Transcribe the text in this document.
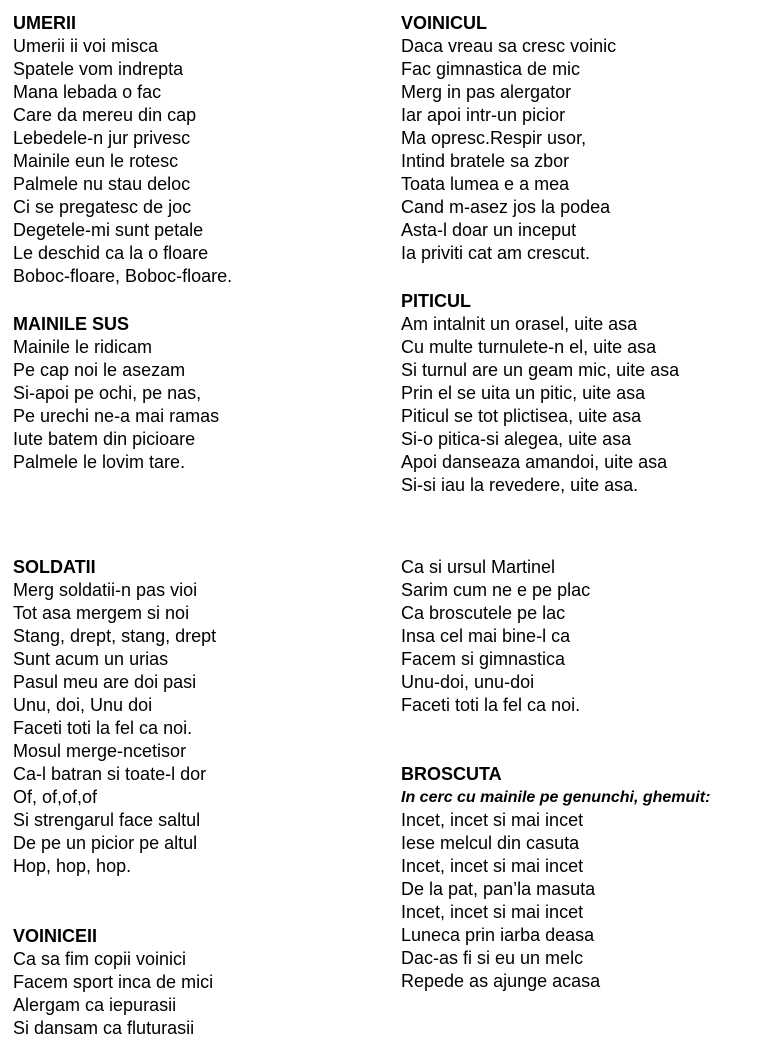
UMERII
Umerii ii voi misca
Spatele vom indrepta
Mana lebada o fac
Care da mereu din cap
Lebedele-n jur privesc
Mainile eun le rotesc
Palmele nu stau deloc
Ci se pregatesc de joc
Degetele-mi sunt petale
Le deschid ca la o floare
Boboc-floare, Boboc-floare.
MAINILE SUS
Mainile le ridicam
Pe cap noi le asezam
Si-apoi pe ochi, pe nas,
Pe urechi ne-a mai ramas
Iute batem din picioare
Palmele le lovim tare.
SOLDATII
Merg soldatii-n pas vioi
Tot asa mergem si noi
Stang, drept, stang, drept
Sunt acum un urias
Pasul meu are doi pasi
Unu, doi, Unu doi
Faceti toti la fel ca noi.
Mosul merge-ncetisor
Ca-l batran si toate-l dor
Of, of,of,of
Si strengarul face saltul
De pe un picior pe altul
Hop, hop, hop.
VOINICEII
Ca sa fim copii voinici
Facem sport inca de mici
Alergam ca iepurasii
Si dansam ca fluturasii
VOINICUL
Daca vreau sa cresc voinic
Fac gimnastica de mic
Merg in pas alergator
Iar apoi intr-un picior
Ma opresc.Respir usor,
Intind bratele sa zbor
Toata lumea e a mea
Cand m-asez jos la podea
Asta-l doar un inceput
Ia priviti cat am crescut.
PITICUL
Am intalnit un orasel, uite asa
Cu multe turnulete-n el, uite asa
Si turnul are un geam mic, uite asa
Prin el se uita un pitic, uite asa
Piticul se tot plictisea, uite asa
Si-o pitica-si alegea, uite asa
Apoi danseaza amandoi, uite asa
Si-si iau la revedere, uite asa.
Ca si ursul Martinel
Sarim cum ne e pe plac
Ca broscutele pe lac
Insa cel mai bine-l ca
Facem si gimnastica
Unu-doi, unu-doi
Faceti toti la fel ca noi.
BROSCUTA
In cerc cu mainile pe genunchi, ghemuit:
Incet, incet si mai incet
Iese melcul din casuta
Incet, incet si mai incet
De la pat, pan’la masuta
Incet, incet si mai incet
Luneca prin iarba deasa
Dac-as fi si eu un melc
Repede as ajunge acasa
